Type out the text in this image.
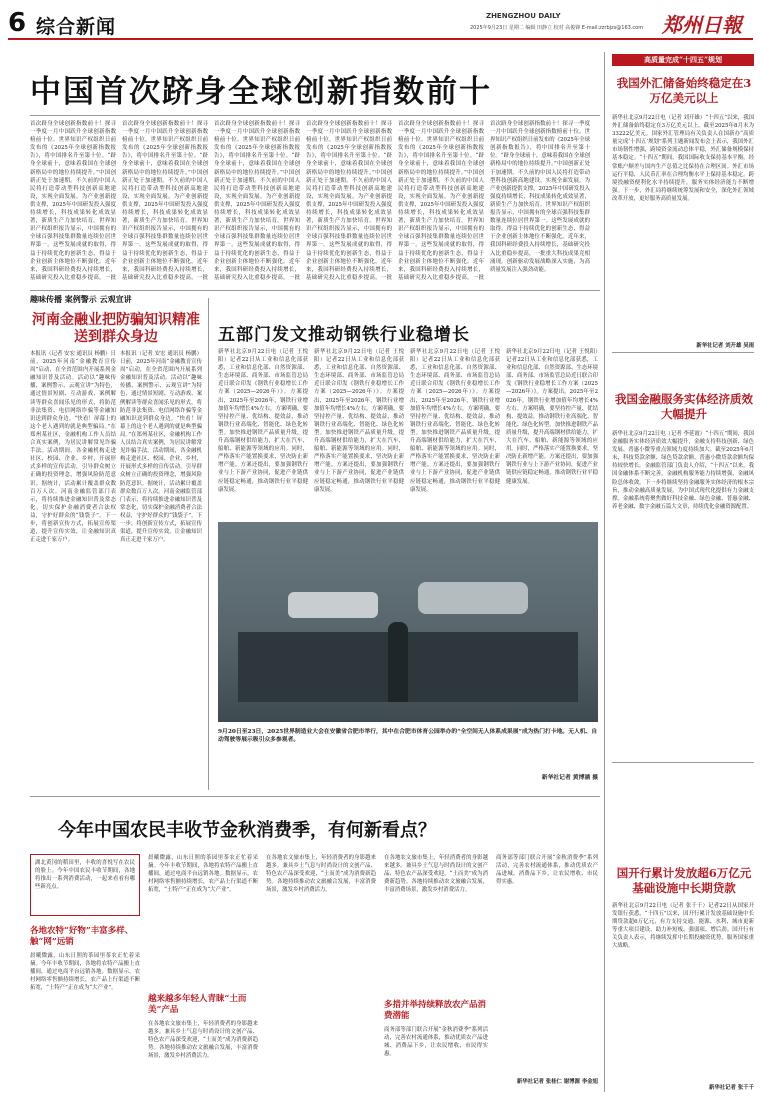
6 综合新闻	ZHENGZHOU DAILY	郑州日報
2025年9月23日 星期二 编辑 田静立 校对 高俊锋 E-mail:zzrbjzs@163.com
中国首次跻身全球创新指数前十
首次跻身全球创新指数前十！探寻一季度一月中国跃升全球创新指数榜前十位。世界知识产权组织日前发布的《2025年全球创新指数报告》，将中国排名升至第十位。“跻身全球前十，意味着我国在全球创新格局中的地位持续提升。”中国创新正处于加速期。不久前的中国人民将打造带动型科技创新高地建设，实现全面发展。为产业创新提供支撑，2025年中国研发投入强度持续增长，科技成果转化成效显著，新质生产力加快培育。世界知识产权组织报告显示，中国拥有的全球百强科技集群数量连续位居世界第一。这些发展成就的取得，得益于持续优化的创新生态，得益于企业创新主体地位不断强化。近年来，我国科研经费投入持续增长，基础研究投入比重稳步提高，一批
首次跻身全球创新指数前十！探寻一季度一月中国跃升全球创新指数榜前十位。世界知识产权组织日前发布的《2025年全球创新指数报告》，将中国排名升至第十位。“跻身全球前十，意味着我国在全球创新格局中的地位持续提升。”中国创新正处于加速期。不久前的中国人民将打造带动型科技创新高地建设，实现全面发展。为产业创新提供支撑，2025年中国研发投入强度持续增长，科技成果转化成效显著，新质生产力加快培育。世界知识产权组织报告显示，中国拥有的全球百强科技集群数量连续位居世界第一。这些发展成就的取得，得益于持续优化的创新生态，得益于企业创新主体地位不断强化。近年来，我国科研经费投入持续增长，基础研究投入比重稳步提高，一批
首次跻身全球创新指数前十！探寻一季度一月中国跃升全球创新指数榜前十位。世界知识产权组织日前发布的《2025年全球创新指数报告》，将中国排名升至第十位。“跻身全球前十，意味着我国在全球创新格局中的地位持续提升。”中国创新正处于加速期。不久前的中国人民将打造带动型科技创新高地建设，实现全面发展。为产业创新提供支撑，2025年中国研发投入强度持续增长，科技成果转化成效显著，新质生产力加快培育。世界知识产权组织报告显示，中国拥有的全球百强科技集群数量连续位居世界第一。这些发展成就的取得，得益于持续优化的创新生态，得益于企业创新主体地位不断强化。近年来，我国科研经费投入持续增长，基础研究投入比重稳步提高，一批
首次跻身全球创新指数前十！探寻一季度一月中国跃升全球创新指数榜前十位。世界知识产权组织日前发布的《2025年全球创新指数报告》，将中国排名升至第十位。“跻身全球前十，意味着我国在全球创新格局中的地位持续提升。”中国创新正处于加速期。不久前的中国人民将打造带动型科技创新高地建设，实现全面发展。为产业创新提供支撑，2025年中国研发投入强度持续增长，科技成果转化成效显著，新质生产力加快培育。世界知识产权组织报告显示，中国拥有的全球百强科技集群数量连续位居世界第一。这些发展成就的取得，得益于持续优化的创新生态，得益于企业创新主体地位不断强化。近年来，我国科研经费投入持续增长，基础研究投入比重稳步提高，一批
首次跻身全球创新指数前十！探寻一季度一月中国跃升全球创新指数榜前十位。世界知识产权组织日前发布的《2025年全球创新指数报告》，将中国排名升至第十位。“跻身全球前十，意味着我国在全球创新格局中的地位持续提升。”中国创新正处于加速期。不久前的中国人民将打造带动型科技创新高地建设，实现全面发展。为产业创新提供支撑，2025年中国研发投入强度持续增长，科技成果转化成效显著，新质生产力加快培育。世界知识产权组织报告显示，中国拥有的全球百强科技集群数量连续位居世界第一。这些发展成就的取得，得益于持续优化的创新生态，得益于企业创新主体地位不断强化。近年来，我国科研经费投入持续增长，基础研究投入比重稳步提高，一批
首次跻身全球创新指数前十！探寻一季度一月中国跃升全球创新指数榜前十位。世界知识产权组织日前发布的《2025年全球创新指数报告》，将中国排名升至第十位。“跻身全球前十，意味着我国在全球创新格局中的地位持续提升。”中国创新正处于加速期。不久前的中国人民将打造带动型科技创新高地建设，实现全面发展。为产业创新提供支撑，2025年中国研发投入强度持续增长，科技成果转化成效显著，新质生产力加快培育。世界知识产权组织报告显示，中国拥有的全球百强科技集群数量连续位居世界第一。这些发展成就的取得，得益于持续优化的创新生态，得益于企业创新主体地位不断强化。近年来，我国科研经费投入持续增长，基础研究投入比重稳步提高，一批重大科技成果竞相涌现。创新驱动发展战略深入实施，为高质量发展注入强劲动能。
高质量完成“十四五”规划
我国外汇储备始终稳定在3万亿美元以上
新华社北京9月22日电（记者 刘开雄）“十四五”以来，我国外汇储备始终稳定在3万亿美元以上，截至2025年8月末为33222亿美元。国家外汇管理局有关负责人在国新办“高质量完成‘十四五’规划”系列主题新闻发布会上表示，我国外汇市场韧性增强，跨境资金流动总体平稳，外汇储备规模保持基本稳定。“十四五”期间，我国国际收支保持基本平衡，经常账户顺差与国内生产总值之比保持在合理区间。外汇市场运行平稳，人民币汇率在合理均衡水平上保持基本稳定。跨境投融资便利化水平持续提升，服务实体经济能力不断增强。下一步，外汇局将继续统筹发展和安全，深化外汇领域改革开放，更好服务高质量发展。
新华社记者 刘开雄 吴雨
我国金融服务实体经济质效大幅提升
新华社北京9月22日电（记者 李延霞）“十四五”期间，我国金融服务实体经济质效大幅提升，金融支持科技创新、绿色发展、普惠小微等重点领域力度持续加大。截至2025年6月末，科技贷款余额、绿色贷款余额、普惠小微贷款余额均保持较快增长。金融监管部门负责人介绍，“十四五”以来，我国金融体系不断完善，金融机构服务能力持续增强，金融风险总体收敛。下一步将继续坚持金融服务实体经济的根本宗旨，推动金融高质量发展，为中国式现代化提供有力金融支撑。金融系统将聚焦做好科技金融、绿色金融、普惠金融、养老金融、数字金融五篇大文章，持续优化金融资源配置。
国开行累计发放超6万亿元基础设施中长期贷款
新华社北京9月22日电（记者 张千千）记者22日从国家开发银行获悉，“十四五”以来，国开行累计发放基础设施中长期贷款超6万亿元，有力支持交通、能源、水利、城市更新等重大项目建设，助力补短板、强弱项、增后劲。国开行有关负责人表示，将继续发挥中长期投融资优势，服务国家重大战略。
新华社记者 张千千
趣味传播 案例警示 云观宣讲
河南金融业把防骗知识精准送到群众身边
本报讯（记者 安宏 通讯员 杨鹏）日前，2025年河南“金融教育宣传周”启动，在全省范围内开展系列金融知识普及活动。活动以“趣味传播、案例警示、云观宣讲”为特色，通过情景短剧、互动游戏、案例解读等群众喜闻乐见的形式，将防范非法集资、电信网络诈骗等金融知识送到群众身边。“快看！屏幕上的这个老人遇到的就是典型骗局。”在郑州某社区，金融机构工作人员结合真实案例，为居民讲解常见诈骗手法。活动期间，各金融机构走进社区、校园、企业、乡村，开展形式多样的宣传活动，引导群众树立正确的投资理念，增强风险防范意识。据统计，活动累计覆盖群众数百万人次。河南金融监管部门表示，将持续推进金融知识普及常态化，切实保护金融消费者合法权益，守护好群众的“钱袋子”。下一步，将创新宣传方式，拓展宣传渠道，提升宣传实效，让金融知识真正走进千家万户。
本报讯（记者 安宏 通讯员 杨鹏）日前，2025年河南“金融教育宣传周”启动，在全省范围内开展系列金融知识普及活动。活动以“趣味传播、案例警示、云观宣讲”为特色，通过情景短剧、互动游戏、案例解读等群众喜闻乐见的形式，将防范非法集资、电信网络诈骗等金融知识送到群众身边。“快看！屏幕上的这个老人遇到的就是典型骗局。”在郑州某社区，金融机构工作人员结合真实案例，为居民讲解常见诈骗手法。活动期间，各金融机构走进社区、校园、企业、乡村，开展形式多样的宣传活动，引导群众树立正确的投资理念，增强风险防范意识。据统计，活动累计覆盖群众数百万人次。河南金融监管部门表示，将持续推进金融知识普及常态化，切实保护金融消费者合法权益，守护好群众的“钱袋子”。下一步，将创新宣传方式，拓展宣传渠道，提升宣传实效，让金融知识真正走进千家万户。
五部门发文推动钢铁行业稳增长
新华社北京9月22日电（记者 王悦阳）记者22日从工业和信息化部获悉，工业和信息化部、自然资源部、生态环境部、商务部、市场监管总局近日联合印发《钢铁行业稳增长工作方案（2025—2026年）》。方案提出，2025年至2026年，钢铁行业增加值年均增长4%左右。方案明确，要坚持控产量、优结构、提效益，推动钢铁行业高端化、智能化、绿色化转型。加快推进钢铁产品质量升级，提升高端钢材供给能力，扩大在汽车、船舶、新能源等领域的应用。同时，严格落实产能置换要求，坚决防止新增产能。方案还提出，要加强钢铁行业与上下游产业协同，促进产业链供应链稳定畅通，推动钢铁行业平稳健康发展。
新华社北京9月22日电（记者 王悦阳）记者22日从工业和信息化部获悉，工业和信息化部、自然资源部、生态环境部、商务部、市场监管总局近日联合印发《钢铁行业稳增长工作方案（2025—2026年）》。方案提出，2025年至2026年，钢铁行业增加值年均增长4%左右。方案明确，要坚持控产量、优结构、提效益，推动钢铁行业高端化、智能化、绿色化转型。加快推进钢铁产品质量升级，提升高端钢材供给能力，扩大在汽车、船舶、新能源等领域的应用。同时，严格落实产能置换要求，坚决防止新增产能。方案还提出，要加强钢铁行业与上下游产业协同，促进产业链供应链稳定畅通，推动钢铁行业平稳健康发展。
新华社北京9月22日电（记者 王悦阳）记者22日从工业和信息化部获悉，工业和信息化部、自然资源部、生态环境部、商务部、市场监管总局近日联合印发《钢铁行业稳增长工作方案（2025—2026年）》。方案提出，2025年至2026年，钢铁行业增加值年均增长4%左右。方案明确，要坚持控产量、优结构、提效益，推动钢铁行业高端化、智能化、绿色化转型。加快推进钢铁产品质量升级，提升高端钢材供给能力，扩大在汽车、船舶、新能源等领域的应用。同时，严格落实产能置换要求，坚决防止新增产能。方案还提出，要加强钢铁行业与上下游产业协同，促进产业链供应链稳定畅通，推动钢铁行业平稳健康发展。
新华社北京9月22日电（记者 王悦阳）记者22日从工业和信息化部获悉，工业和信息化部、自然资源部、生态环境部、商务部、市场监管总局近日联合印发《钢铁行业稳增长工作方案（2025—2026年）》。方案提出，2025年至2026年，钢铁行业增加值年均增长4%左右。方案明确，要坚持控产量、优结构、提效益，推动钢铁行业高端化、智能化、绿色化转型。加快推进钢铁产品质量升级，提升高端钢材供给能力，扩大在汽车、船舶、新能源等领域的应用。同时，严格落实产能置换要求，坚决防止新增产能。方案还提出，要加强钢铁行业与上下游产业协同，促进产业链供应链稳定畅通，推动钢铁行业平稳健康发展。
9月20日至23日，2025世界制造业大会在安徽省合肥市举行，其中在合肥市体育公园举办的“全空间无人体系成果展”成为热门打卡地。无人机、自动驾驶等展示吸引众多参观者。
新华社记者 黄博涵 摄
今年中国农民丰收节金秋消费季，有何新看点？
湖北黄冈的稻田里，丰收的喜悦写在农民的脸上。今年中国农民丰收节期间，各地将推出一系列消费活动，一起来看看有哪些新亮点。
各地农特“好物”丰富多样、触“网”远销
晨曦微露，山东日照的茶园里茶农正忙着采摘。今年丰收节期间，各地将农特产品搬上直播间，通过电商平台远销各地。数据显示，农村网络零售额持续增长，农产品上行渠道不断拓宽，“土特产”正在成为“大产业”。
晨曦微露，山东日照的茶园里茶农正忙着采摘。今年丰收节期间，各地将农特产品搬上直播间，通过电商平台远销各地。数据显示，农村网络零售额持续增长，农产品上行渠道不断拓宽，“土特产”正在成为“大产业”。
越来越多年轻人青睐“土而美”产品
在各地农文旅市集上，年轻消费者的身影越来越多。兼具乡土气息与时尚设计的文创产品、特色农产品深受欢迎，“土而美”成为消费新趋势。各地持续推动农文旅融合发展，丰富消费场景，激发乡村消费活力。
在各地农文旅市集上，年轻消费者的身影越来越多。兼具乡土气息与时尚设计的文创产品、特色农产品深受欢迎，“土而美”成为消费新趋势。各地持续推动农文旅融合发展，丰富消费场景，激发乡村消费活力。
在各地农文旅市集上，年轻消费者的身影越来越多。兼具乡土气息与时尚设计的文创产品、特色农产品深受欢迎，“土而美”成为消费新趋势。各地持续推动农文旅融合发展，丰富消费场景，激发乡村消费活力。
多措并举持续释放农产品消费潜能
商务部等部门联合开展“金秋消费季”系列活动，完善农村流通体系，推动优质农产品进城、消费品下乡，让农民增收、市民得实惠。
商务部等部门联合开展“金秋消费季”系列活动，完善农村流通体系，推动优质农产品进城、消费品下乡，让农民增收、市民得实惠。
新华社记者 张桂仁 谢博源 李金旭
